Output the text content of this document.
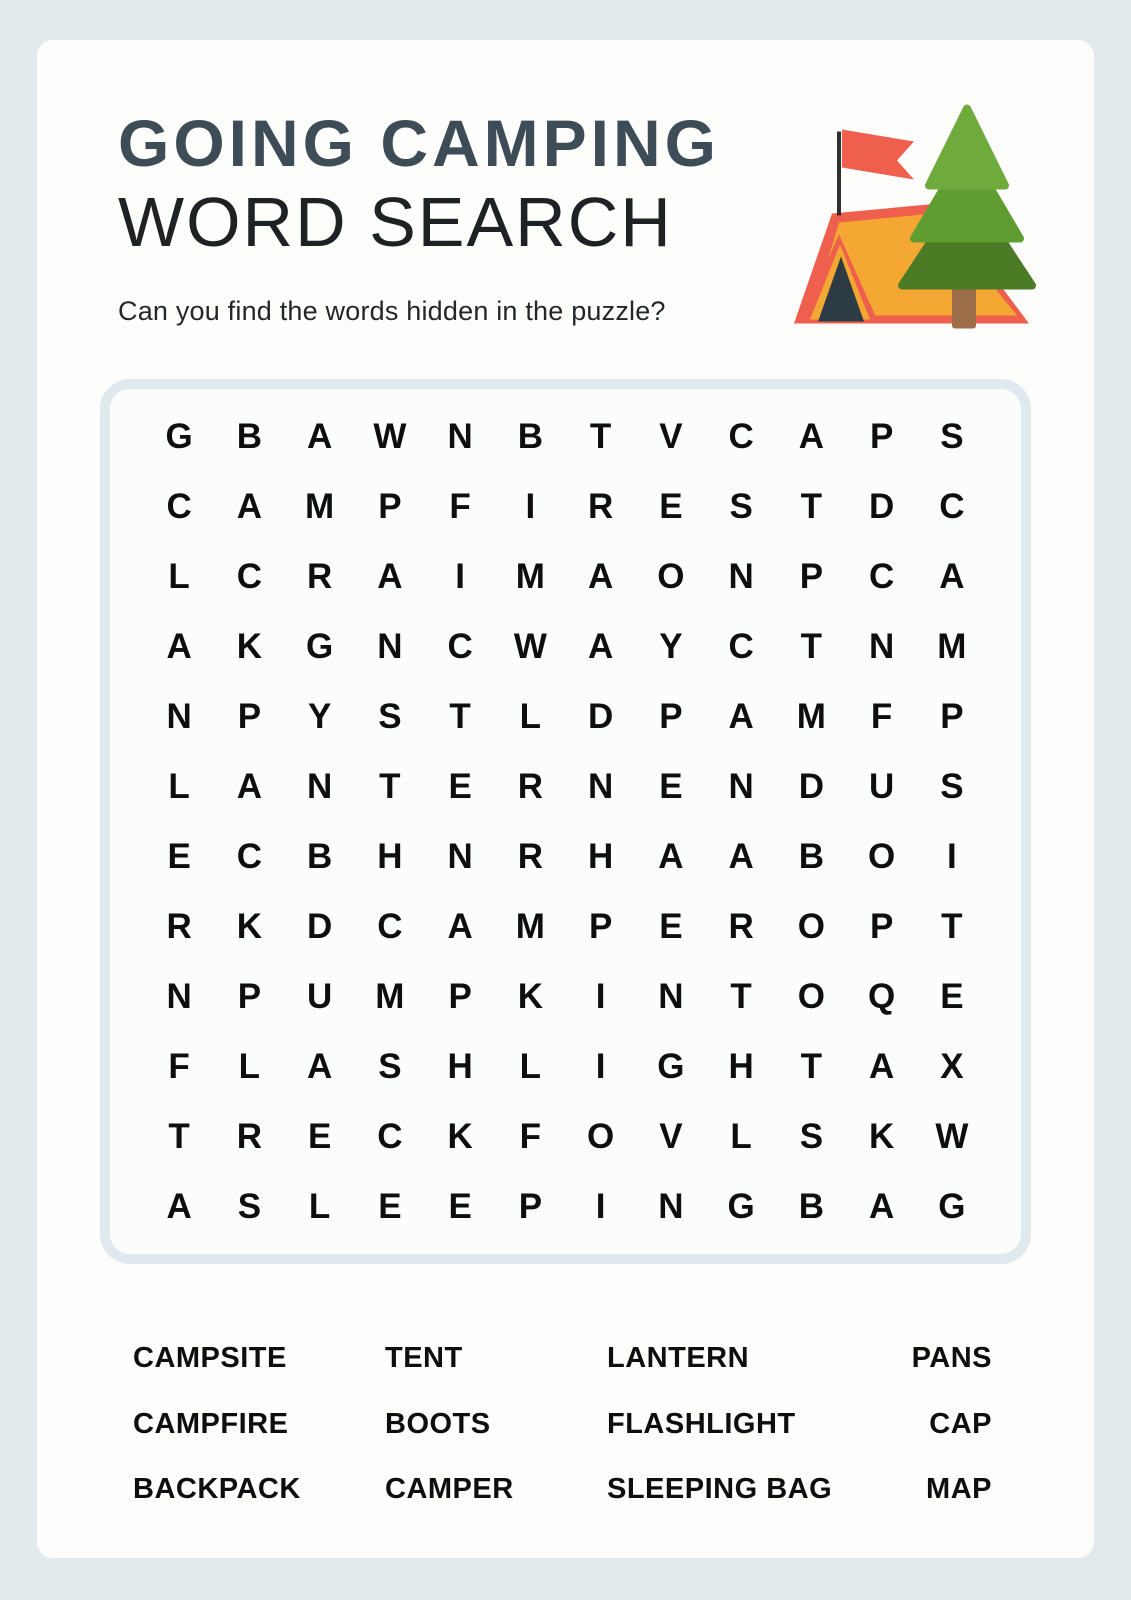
GOING CAMPING
WORD SEARCH

Can you find the words hidden in the puzzle?

G	B	A	W	N	B	T	V	C	A	P	S
C	A	M	P	F	I	R	E	S	T	D	C
L	C	R	A	I	M	A	O	N	P	C	A
A	K	G	N	C	W	A	Y	C	T	N	M
N	P	Y	S	T	L	D	P	A	M	F	P
L	A	N	T	E	R	N	E	N	D	U	S
E	C	B	H	N	R	H	A	A	B	O	I
R	K	D	C	A	M	P	E	R	O	P	T
N	P	U	M	P	K	I	N	T	O	Q	E
F	L	A	S	H	L	I	G	H	T	A	X
T	R	E	C	K	F	O	V	L	S	K	W
A	S	L	E	E	P	I	N	G	B	A	G
CAMPSITE	TENT	LANTERN	PANS
CAMPFIRE	BOOTS	FLASHLIGHT	CAP
BACKPACK	CAMPER	SLEEPING BAG	MAP
